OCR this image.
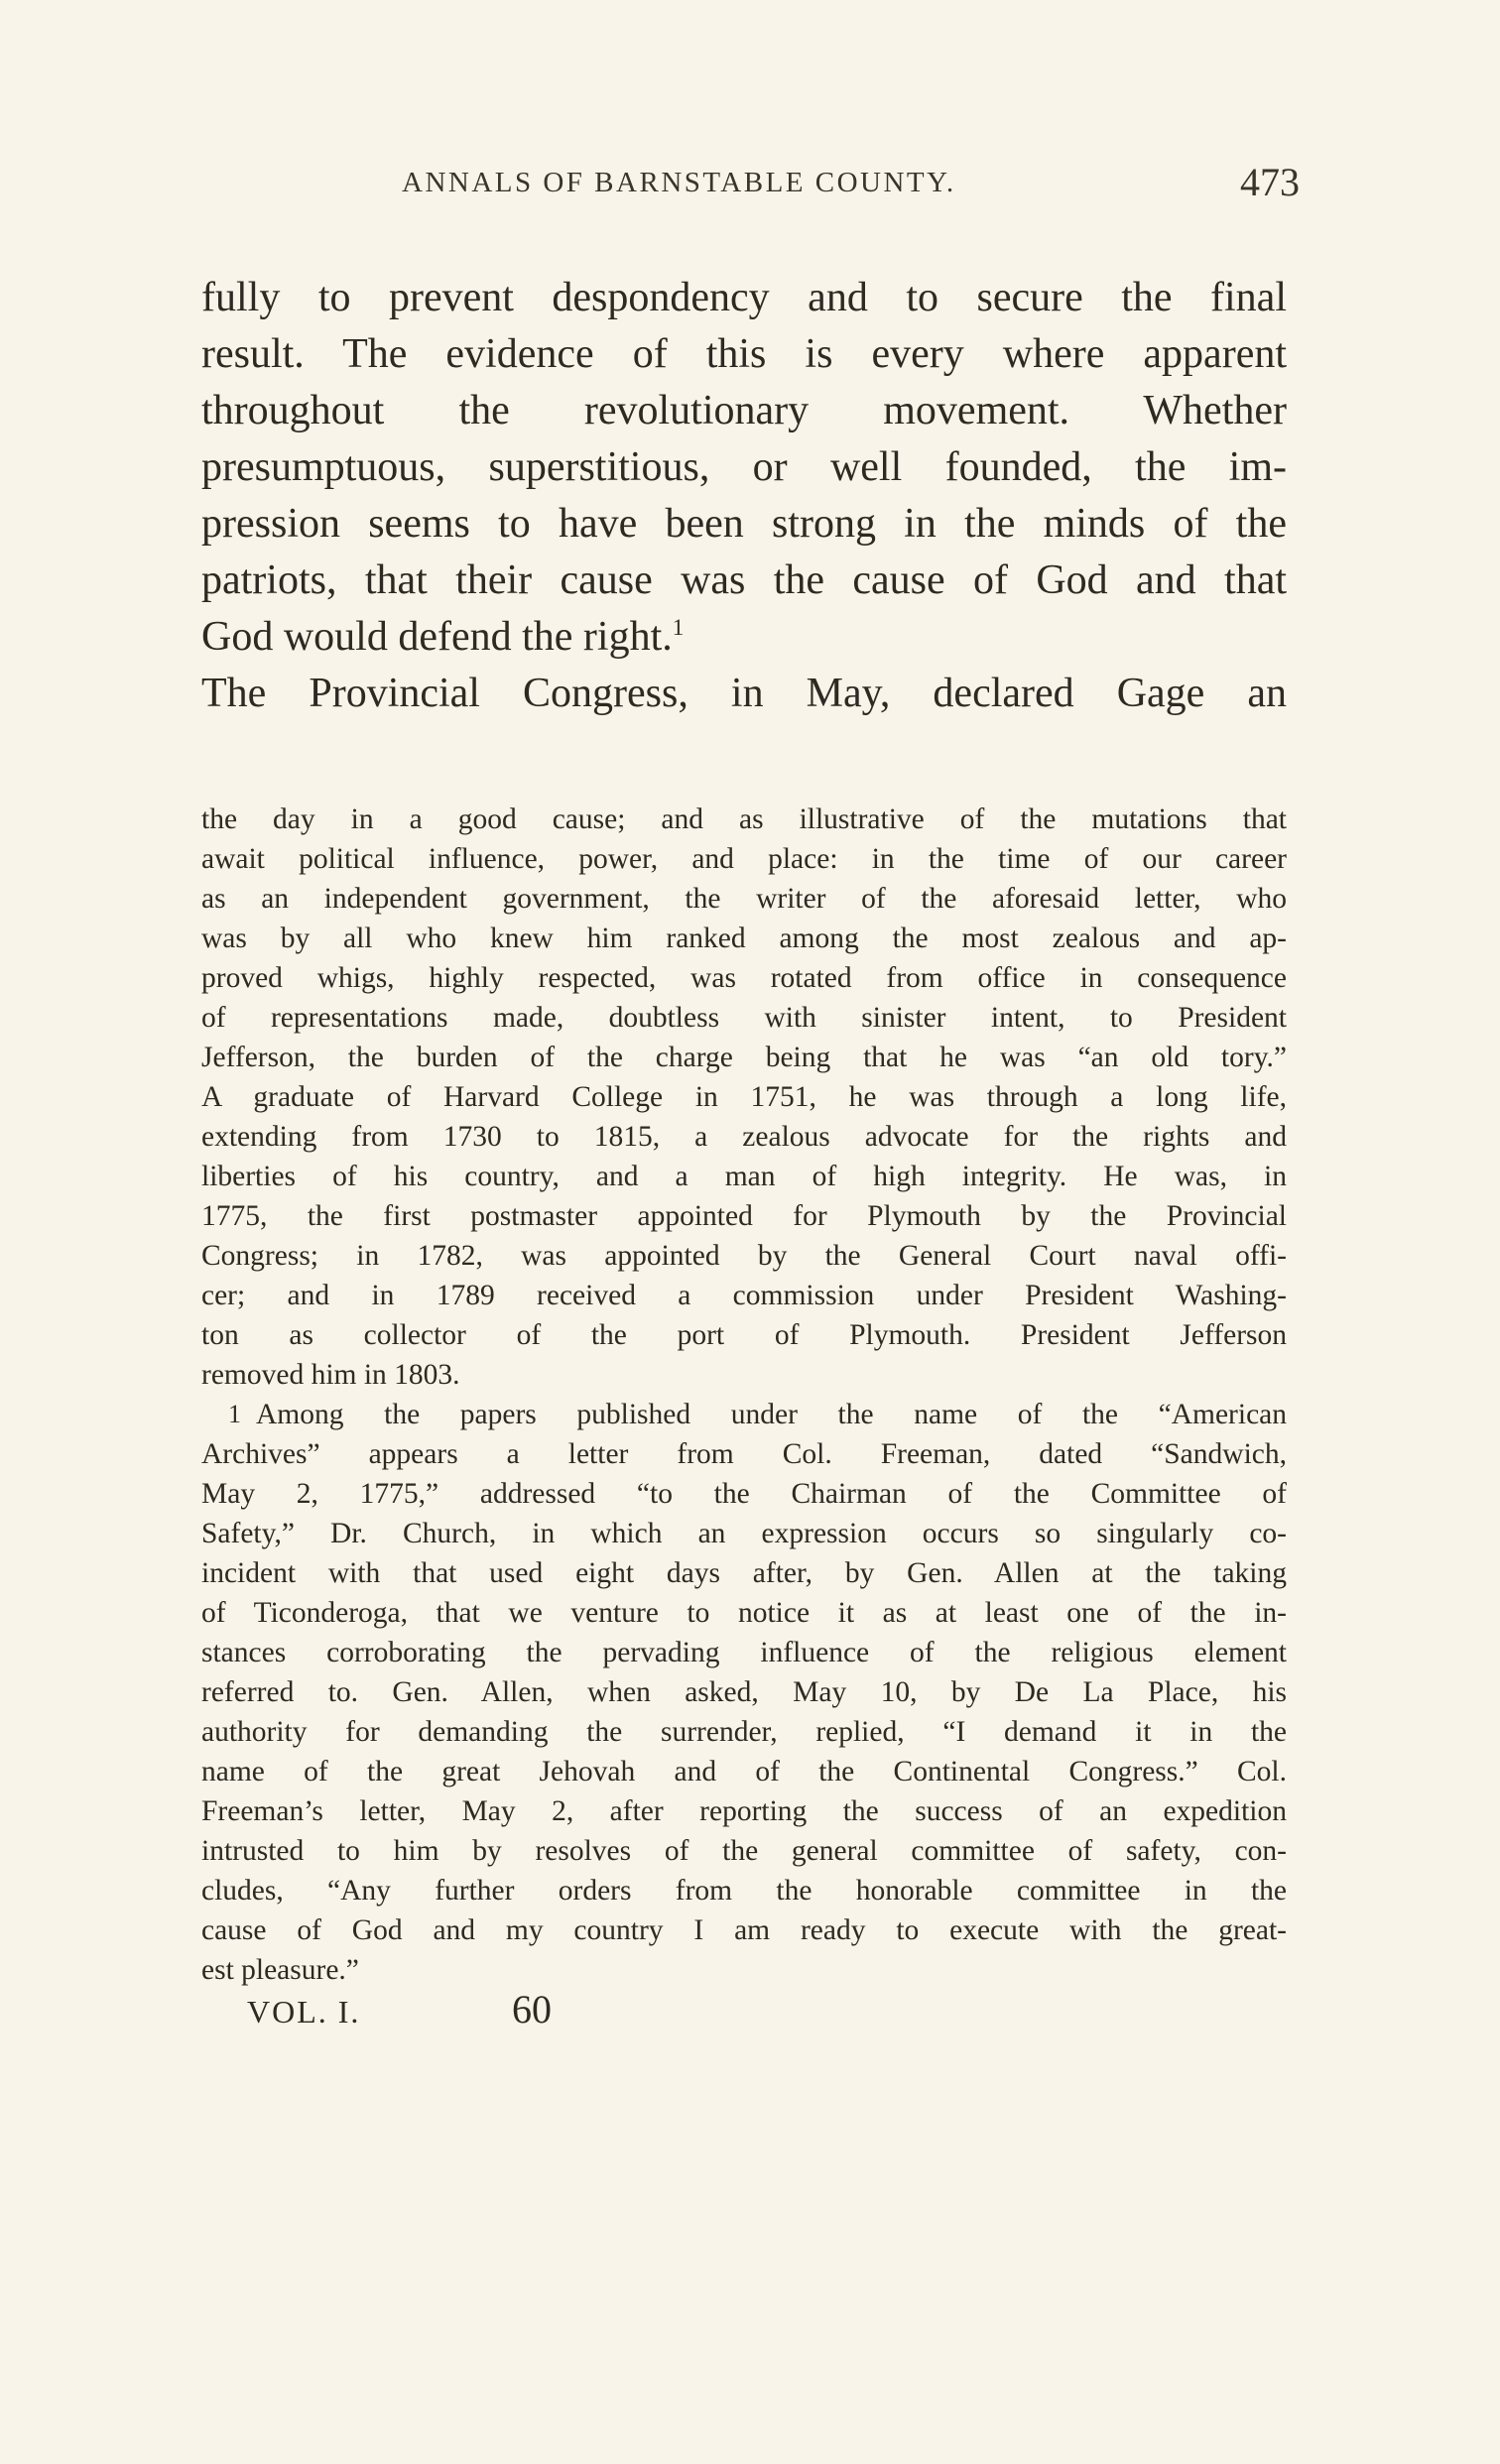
ANNALS OF BARNSTABLE COUNTY.	473
fully to prevent despondency and to secure the final
result. The evidence of this is every where apparent
throughout the revolutionary movement. Whether
presumptuous, superstitious, or well founded, the im-
pression seems to have been strong in the minds of the
patriots, that their cause was the cause of God and that
God would defend the right.$^1$
The Provincial Congress, in May, declared Gage an
the day in a good cause; and as illustrative of the mutations that
await political influence, power, and place: in the time of our career
as an independent government, the writer of the aforesaid letter, who
was by all who knew him ranked among the most zealous and ap-
proved whigs, highly respected, was rotated from office in consequence
of representations made, doubtless with sinister intent, to President
Jefferson, the burden of the charge being that he was “an old tory.”
A graduate of Harvard College in 1751, he was through a long life,
extending from 1730 to 1815, a zealous advocate for the rights and
liberties of his country, and a man of high integrity. He was, in
1775, the first postmaster appointed for Plymouth by the Provincial
Congress; in 1782, was appointed by the General Court naval offi-
cer; and in 1789 received a commission under President Washing-
ton as collector of the port of Plymouth. President Jefferson
removed him in 1803.
1 Among the papers published under the name of the “American
Archives” appears a letter from Col. Freeman, dated “Sandwich,
May 2, 1775,” addressed “to the Chairman of the Committee of
Safety,” Dr. Church, in which an expression occurs so singularly co-
incident with that used eight days after, by Gen. Allen at the taking
of Ticonderoga, that we venture to notice it as at least one of the in-
stances corroborating the pervading influence of the religious element
referred to. Gen. Allen, when asked, May 10, by De La Place, his
authority for demanding the surrender, replied, “I demand it in the
name of the great Jehovah and of the Continental Congress.” Col.
Freeman’s letter, May 2, after reporting the success of an expedition
intrusted to him by resolves of the general committee of safety, con-
cludes, “Any further orders from the honorable committee in the
cause of God and my country I am ready to execute with the great-
est pleasure.”
VOL. I.	60
